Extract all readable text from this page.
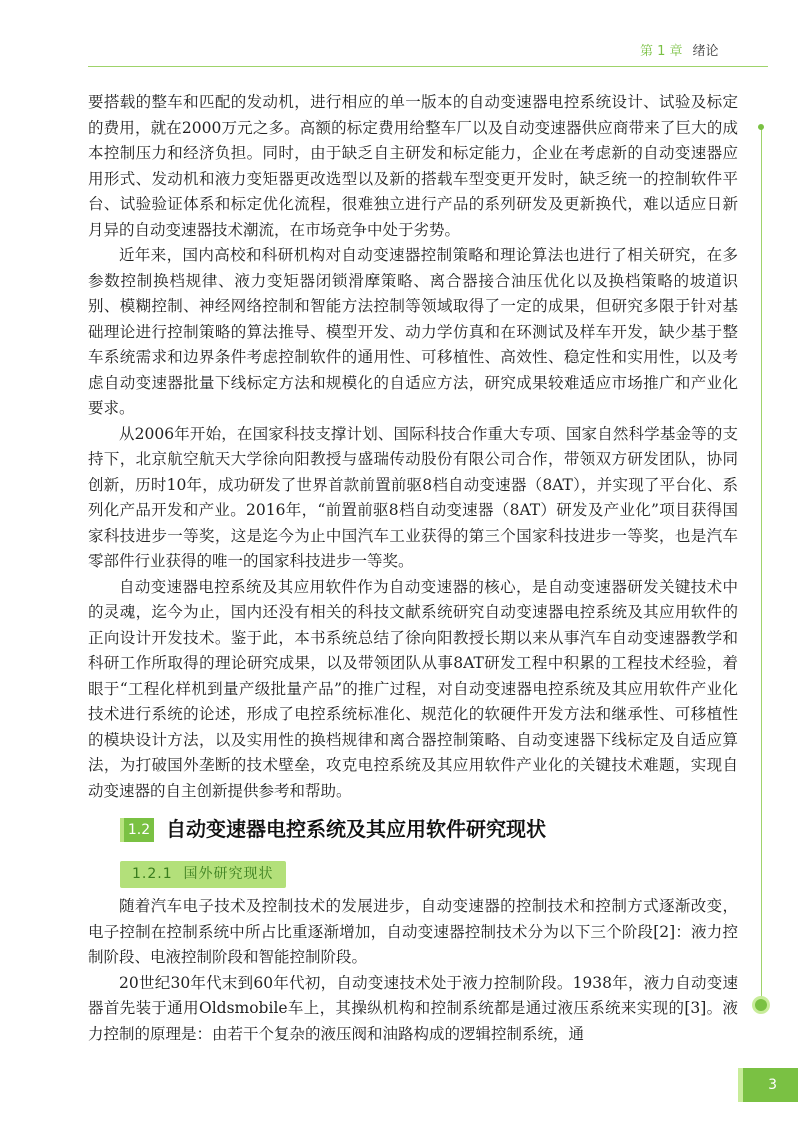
第 1 章 绪论

要搭载的整车和匹配的发动机，进行相应的单一版本的自动变速器电控系统设计、试验及标定的费用，就在2000万元之多。高额的标定费用给整车厂以及自动变速器供应商带来了巨大的成本控制压力和经济负担。同时，由于缺乏自主研发和标定能力，企业在考虑新的自动变速器应用形式、发动机和液力变矩器更改选型以及新的搭载车型变更开发时，缺乏统一的控制软件平台、试验验证体系和标定优化流程，很难独立进行产品的系列研发及更新换代，难以适应日新月异的自动变速器技术潮流，在市场竞争中处于劣势。

近年来，国内高校和科研机构对自动变速器控制策略和理论算法也进行了相关研究，在多参数控制换档规律、液力变矩器闭锁滑摩策略、离合器接合油压优化以及换档策略的坡道识别、模糊控制、神经网络控制和智能方法控制等领域取得了一定的成果，但研究多限于针对基础理论进行控制策略的算法推导、模型开发、动力学仿真和在环测试及样车开发，缺少基于整车系统需求和边界条件考虑控制软件的通用性、可移植性、高效性、稳定性和实用性，以及考虑自动变速器批量下线标定方法和规模化的自适应方法，研究成果较难适应市场推广和产业化要求。

从2006年开始，在国家科技支撑计划、国际科技合作重大专项、国家自然科学基金等的支持下，北京航空航天大学徐向阳教授与盛瑞传动股份有限公司合作，带领双方研发团队，协同创新，历时10年，成功研发了世界首款前置前驱8档自动变速器（8AT），并实现了平台化、系列化产品开发和产业。2016年，“前置前驱8档自动变速器（8AT）研发及产业化”项目获得国家科技进步一等奖，这是迄今为止中国汽车工业获得的第三个国家科技进步一等奖，也是汽车零部件行业获得的唯一的国家科技进步一等奖。

自动变速器电控系统及其应用软件作为自动变速器的核心，是自动变速器研发关键技术中的灵魂，迄今为止，国内还没有相关的科技文献系统研究自动变速器电控系统及其应用软件的正向设计开发技术。鉴于此，本书系统总结了徐向阳教授长期以来从事汽车自动变速器教学和科研工作所取得的理论研究成果，以及带领团队从事8AT研发工程中积累的工程技术经验，着眼于“工程化样机到量产级批量产品”的推广过程，对自动变速器电控系统及其应用软件产业化技术进行系统的论述，形成了电控系统标准化、规范化的软硬件开发方法和继承性、可移植性的模块设计方法，以及实用性的换档规律和离合器控制策略、自动变速器下线标定及自适应算法，为打破国外垄断的技术壁垒，攻克电控系统及其应用软件产业化的关键技术难题，实现自动变速器的自主创新提供参考和帮助。

1.2 自动变速器电控系统及其应用软件研究现状
1.2.1 国外研究现状

随着汽车电子技术及控制技术的发展进步，自动变速器的控制技术和控制方式逐渐改变，电子控制在控制系统中所占比重逐渐增加，自动变速器控制技术分为以下三个阶段[2]：液力控制阶段、电液控制阶段和智能控制阶段。

20世纪30年代末到60年代初，自动变速技术处于液力控制阶段。1938年，液力自动变速器首先装于通用Oldsmobile车上，其操纵机构和控制系统都是通过液压系统来实现的[3]。液力控制的原理是：由若干个复杂的液压阀和油路构成的逻辑控制系统，通

3
